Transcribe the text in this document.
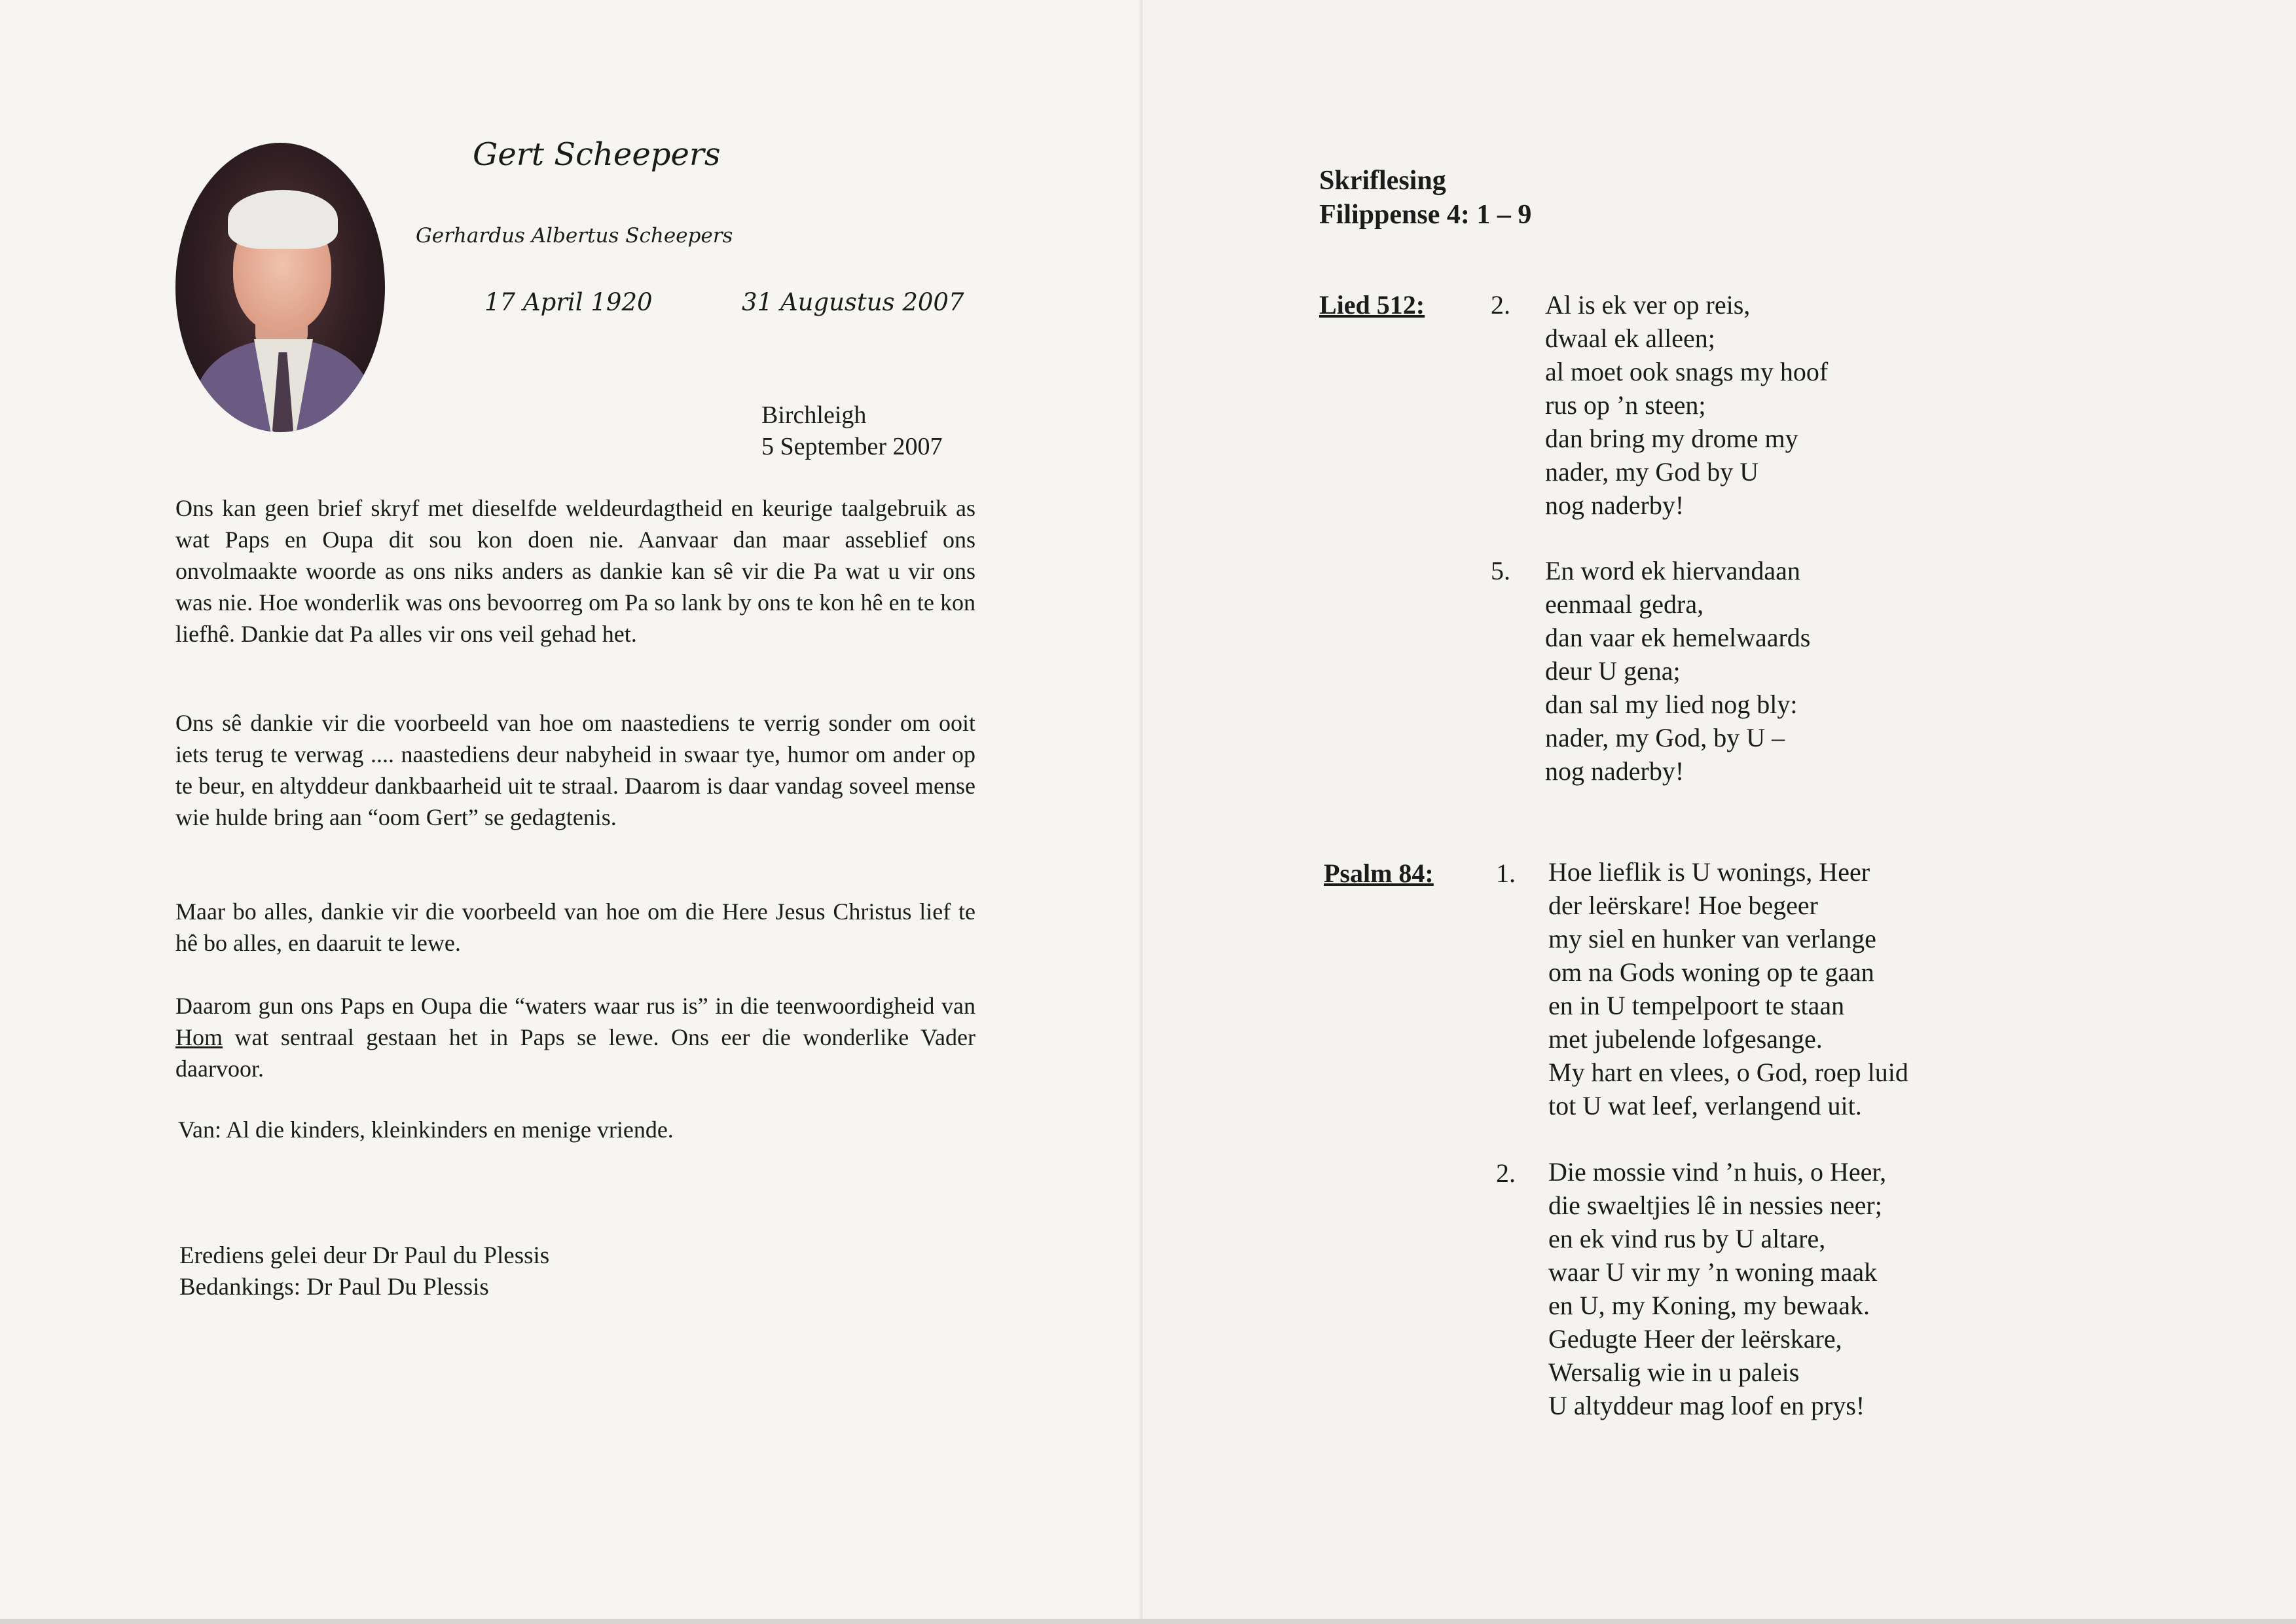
Gert Scheepers
Gerhardus Albertus Scheepers
17 April 1920	31 Augustus 2007
Birchleigh
5 September 2007

Ons kan geen brief skryf met dieselfde weldeurdagtheid en keurige taalgebruik as wat Paps en Oupa dit sou kon doen nie. Aanvaar dan maar asseblief ons onvolmaakte woorde as ons niks anders as dankie kan sê vir die Pa wat u vir ons was nie. Hoe wonderlik was ons bevoorreg om Pa so lank by ons te kon hê en te kon liefhê. Dankie dat Pa alles vir ons veil gehad het.

Ons sê dankie vir die voorbeeld van hoe om naastediens te verrig sonder om ooit iets terug te verwag .... naastediens deur nabyheid in swaar tye, humor om ander op te beur, en altyddeur dankbaarheid uit te straal. Daarom is daar vandag soveel mense wie hulde bring aan “oom Gert” se gedagtenis.

Maar bo alles, dankie vir die voorbeeld van hoe om die Here Jesus Christus lief te hê bo alles, en daaruit te lewe.

Daarom gun ons Paps en Oupa die “waters waar rus is” in die teenwoordigheid van Hom wat sentraal gestaan het in Paps se lewe. Ons eer die wonderlike Vader daarvoor.

Van: Al die kinders, kleinkinders en menige vriende.
Erediens gelei deur Dr Paul du Plessis
Bedankings: Dr Paul Du Plessis
Skriflesing
Filippense 4: 1 – 9
Lied 512:	2. Al is ek ver op reis,
dwaal ek alleen;
al moet ook snags my hoof
rus op ’n steen;
dan bring my drome my
nader, my God by U
nog naderby!
5. En word ek hiervandaan
eenmaal gedra,
dan vaar ek hemelwaards
deur U gena;
dan sal my lied nog bly:
nader, my God, by U –
nog naderby!
Psalm 84: 1. Hoe lieflik is U wonings, Heer
der leërskare! Hoe begeer
my siel en hunker van verlange
om na Gods woning op te gaan
en in U tempelpoort te staan
met jubelende lofgesange.
My hart en vlees, o God, roep luid
tot U wat leef, verlangend uit.
2. Die mossie vind ’n huis, o Heer,
die swaeltjies lê in nessies neer;
en ek vind rus by U altare,
waar U vir my ’n woning maak
en U, my Koning, my bewaak.
Gedugte Heer der leërskare,
Wersalig wie in u paleis
U altyddeur mag loof en prys!
